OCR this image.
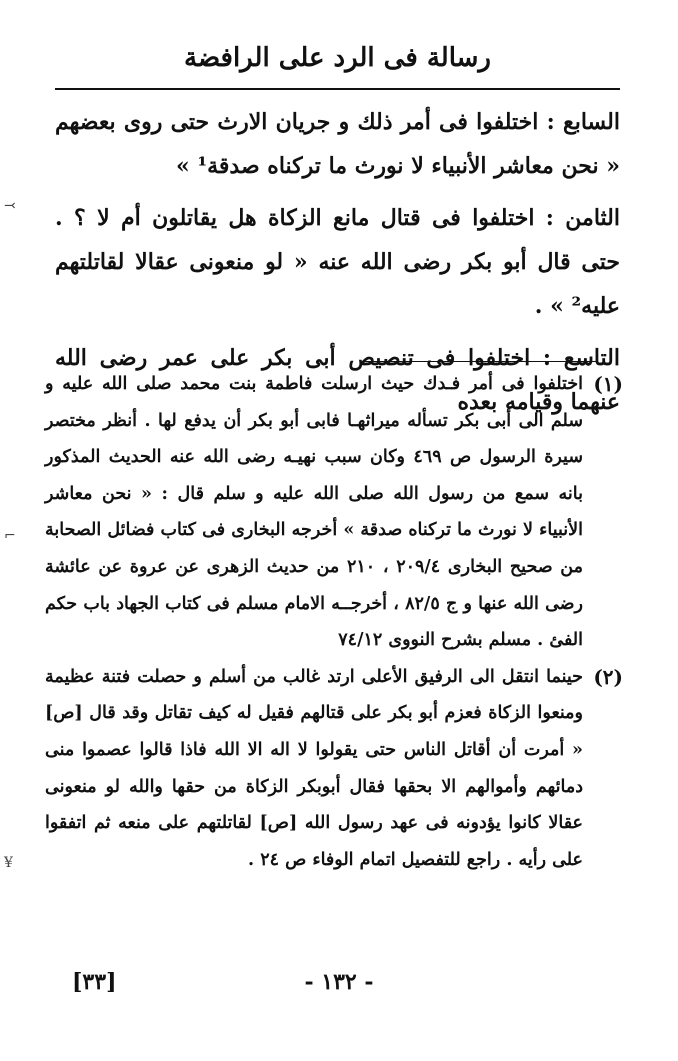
رسالة فى الرد على الرافضة

السابع : اختلفوا فى أمر ذلك و جريان الارث حتى روى بعضهم « نحن معاشر الأنبياء لا نورث ما تركناه صدقة¹ »

الثامن : اختلفوا فى قتال مانع الزكاة هل يقاتلون أم لا ؟ . حتى قال أبو بكر رضى الله عنه « لو منعونى عقالا لقاتلتهم عليه² » .

التاسع : اختلفوا فى تنصيص أبى بكر على عمر رضى الله عنهما وقيامه بعده

(١)
اختلفوا فى أمر فـدك حيث ارسلت فاطمة بنت محمد صلى الله عليه و سلم الى أبى بكر تسأله ميراثهـا فابى أبو بكر أن يدفع لها . أنظر مختصر سيرة الرسول ص ٤٦٩ وكان سبب نهيـه رضى الله عنه الحديث المذكور بانه سمع من رسول الله صلى الله عليه و سلم قال : « نحن معاشر الأنبياء لا نورث ما تركناه صدقة » أخرجه البخارى فى كتاب فضائل الصحابة من صحيح البخارى ٢٠٩/٤ ، ٢١٠ من حديث الزهرى عن عروة عن عائشة رضى الله عنها و ج ٨٢/٥ ، أخرجــه الامام مسلم فى كتاب الجهاد باب حكم الفئ . مسلم بشرح النووى ٧٤/١٢
(٢)
حينما انتقل الى الرفيق الأعلى ارتد غالب من أسلم و حصلت فتنة عظيمة ومنعوا الزكاة فعزم أبو بكر على قتالهم فقيل له كيف تقاتل وقد قال [ص] « أمرت أن أقاتل الناس حتى يقولوا لا اله الا الله فاذا قالوا عصموا منى دمائهم وأموالهم الا بحقها فقال أبوبكر الزكاة من حقها والله لو منعونى عقالا كانوا يؤدونه فى عهد رسول الله [ص] لقاتلتهم على منعه ثم اتفقوا على رأيه . راجع للتفصيل اتمام الوفاء ص ٢٤ .
- ١٣٢ -
[٣٣]
⤙
⌐
¥
